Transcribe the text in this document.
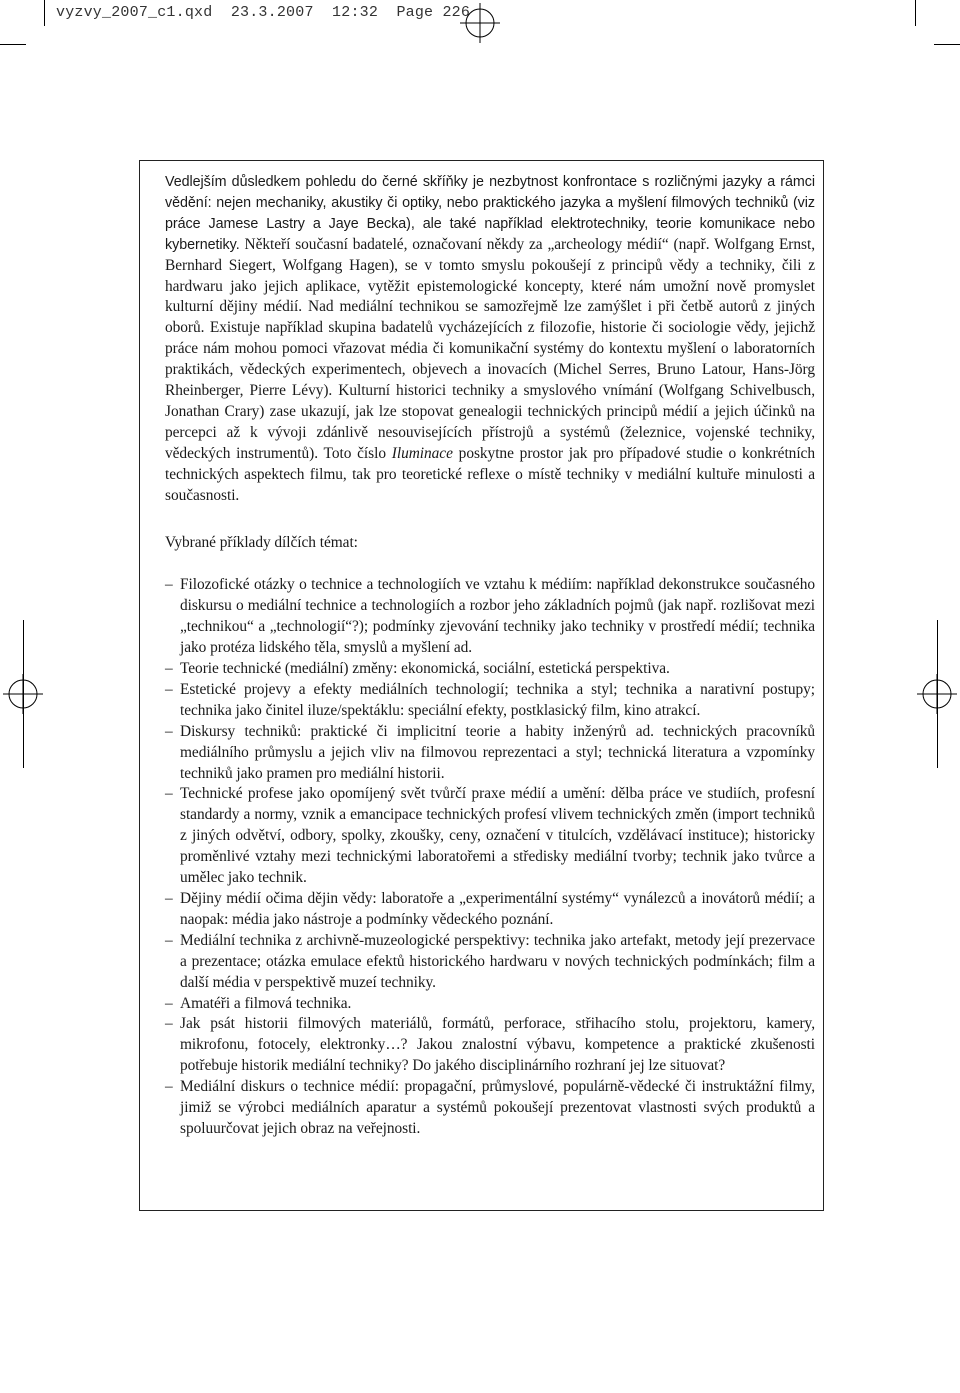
vyzvy_2007_c1.qxd  23.3.2007  12:32  Page 226

Vedlejším důsledkem pohledu do černé skříňky je nezbytnost konfrontace s rozličnými jazyky a rámci vědění: nejen mechaniky, akustiky či optiky, nebo praktického jazyka a myšlení filmových techniků (viz práce Jamese Lastry a Jaye Becka), ale také například elektrotechniky, teorie komunikace nebo kybernetiky. Někteří současní badatelé, označovaní někdy za „archeology médií“ (např. Wolfgang Ernst, Bernhard Siegert, Wolfgang Hagen), se v tomto smyslu pokoušejí z principů vědy a techniky, čili z hardwaru jako jejich aplikace, vytěžit epistemologické koncepty, které nám umožní nově promyslet kulturní dějiny médií. Nad mediální technikou se samozřejmě lze zamýšlet i při četbě autorů z jiných oborů. Existuje například skupina badatelů vycházejících z filozofie, historie či sociologie vědy, jejichž práce nám mohou pomoci vřazovat média či komunikační systémy do kontextu myšlení o laboratorních praktikách, vědeckých experimentech, objevech a inovacích (Michel Serres, Bruno Latour, Hans-Jörg Rheinberger, Pierre Lévy). Kulturní historici techniky a smyslového vnímání (Wolfgang Schivelbusch, Jonathan Crary) zase ukazují, jak lze stopovat genealogii technických principů médií a jejich účinků na percepci až k vývoji zdánlivě nesouvisejících přístrojů a systémů (železnice, vojenské techniky, vědeckých instrumentů). Toto číslo Iluminace poskytne prostor jak pro případové studie o konkrétních technických aspektech filmu, tak pro teoretické reflexe o místě techniky v mediální kultuře minulosti a současnosti.

Vybrané příklady dílčích témat:

– Filozofické otázky o technice a technologiích ve vztahu k médiím: například dekonstrukce současného diskursu o mediální technice a technologiích a rozbor jeho základních pojmů (jak např. rozlišovat mezi „technikou“ a „technologií“?); podmínky zjevování techniky jako techniky v prostředí médií; technika jako protéza lidského těla, smyslů a myšlení ad.
– Teorie technické (mediální) změny: ekonomická, sociální, estetická perspektiva.
– Estetické projevy a efekty mediálních technologií; technika a styl; technika a narativní postupy; technika jako činitel iluze/spektáklu: speciální efekty, postklasický film, kino atrakcí.
– Diskursy techniků: praktické či implicitní teorie a habity inženýrů ad. technických pracovníků mediálního průmyslu a jejich vliv na filmovou reprezentaci a styl; technická literatura a vzpomínky techniků jako pramen pro mediální historii.
– Technické profese jako opomíjený svět tvůrčí praxe médií a umění: dělba práce ve studiích, profesní standardy a normy, vznik a emancipace technických profesí vlivem technických změn (import techniků z jiných odvětví, odbory, spolky, zkoušky, ceny, označení v titulcích, vzdělávací instituce); historicky proměnlivé vztahy mezi technickými laboratořemi a středisky mediální tvorby; technik jako tvůrce a umělec jako technik.
– Dějiny médií očima dějin vědy: laboratoře a „experimentální systémy“ vynálezců a inovátorů médií; a naopak: média jako nástroje a podmínky vědeckého poznání.
– Mediální technika z archivně-muzeologické perspektivy: technika jako artefakt, metody její prezervace a prezentace; otázka emulace efektů historického hardwaru v nových technických podmínkách; film a další média v perspektivě muzeí techniky.
– Amatéři a filmová technika.
– Jak psát historii filmových materiálů, formátů, perforace, střihacího stolu, projektoru, kamery, mikrofonu, fotocely, elektronky…? Jakou znalostní výbavu, kompetence a praktické zkušenosti potřebuje historik mediální techniky? Do jakého disciplinárního rozhraní jej lze situovat?
– Mediální diskurs o technice médií: propagační, průmyslové, populárně-vědecké či instruktážní filmy, jimiž se výrobci mediálních aparatur a systémů pokoušejí prezentovat vlastnosti svých produktů a spoluurčovat jejich obraz na veřejnosti.
